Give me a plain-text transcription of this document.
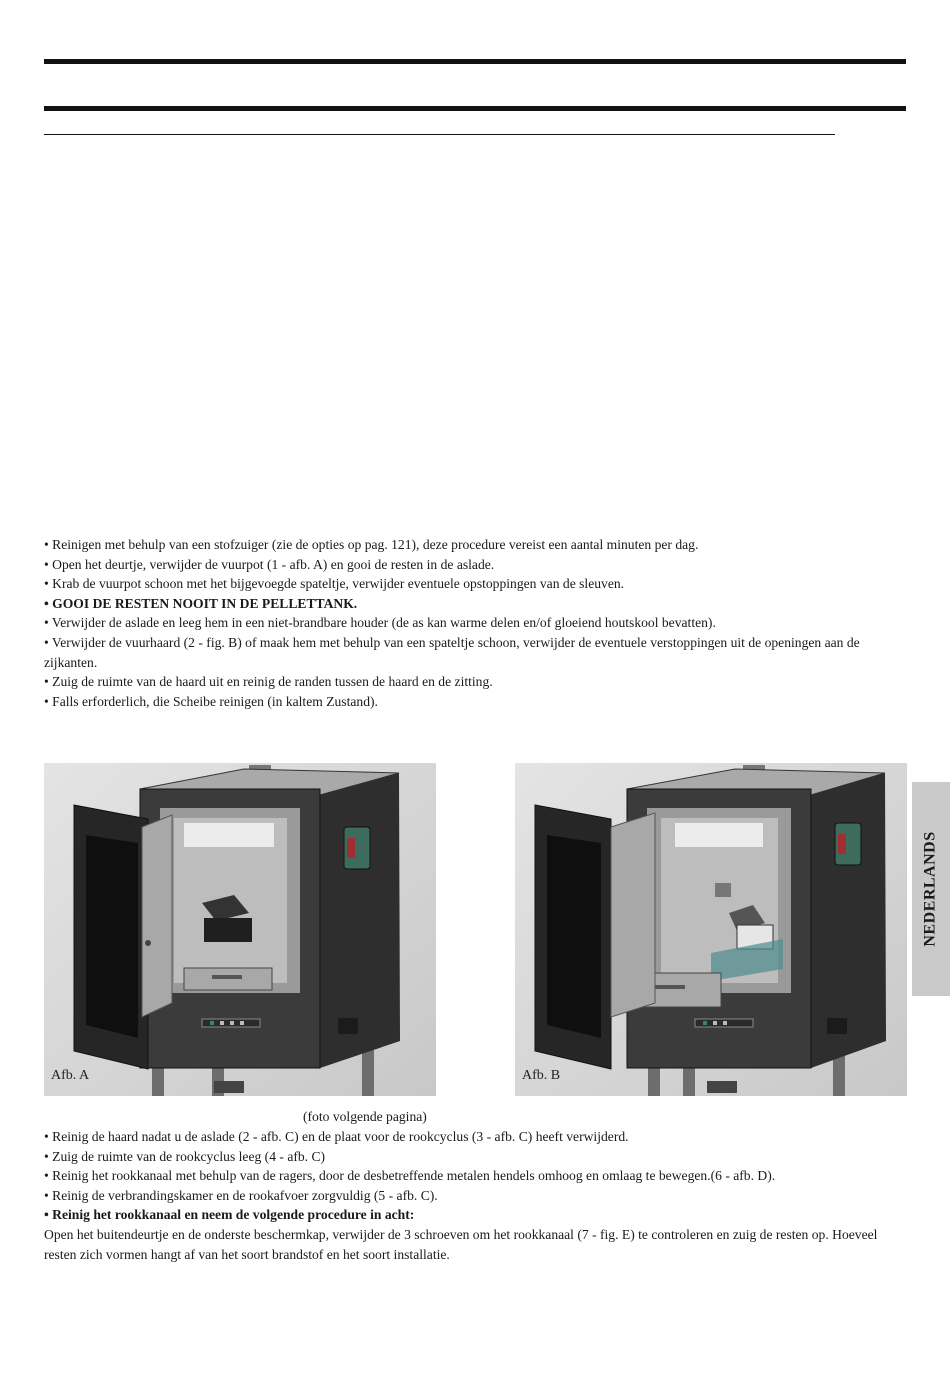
• Reinigen met behulp van een stofzuiger (zie de opties op pag. 121), deze procedure vereist een aantal minuten per dag.

• Open het deurtje, verwijder de vuurpot (1 - afb. A) en gooi de resten in de aslade.

• Krab de vuurpot schoon met het bijgevoegde spateltje, verwijder eventuele opstoppingen van de sleuven.

• GOOI DE RESTEN NOOIT IN DE PELLETTANK.

• Verwijder de aslade en leeg hem in een niet-brandbare houder (de as kan warme delen en/of gloeiend houtskool bevatten).

• Verwijder de vuurhaard (2 - fig. B) of maak hem met behulp van een spateltje schoon, verwijder de eventuele verstoppingen uit de openingen aan de zijkanten.

• Zuig de ruimte van de haard uit en reinig de randen tussen de haard en de zitting.

• Falls erforderlich, die Scheibe reinigen (in kaltem Zustand).

Afb. A	Afb. B
NEDERLANDS
(foto volgende pagina)

• Reinig de haard nadat u de aslade (2 - afb. C) en de plaat voor de rookcyclus (3 - afb. C) heeft verwijderd.

• Zuig de ruimte van de rookcyclus leeg (4 - afb. C)

• Reinig het rookkanaal met behulp van de ragers, door de desbetreffende metalen hendels omhoog en omlaag te bewegen.(6 - afb. D).

• Reinig de verbrandingskamer en de rookafvoer zorgvuldig (5 - afb. C).

• Reinig het rookkanaal en neem de volgende procedure in acht:

Open het buitendeurtje en de onderste beschermkap, verwijder de 3 schroeven om het rookkanaal (7 - fig. E) te controleren en zuig de resten op. Hoeveel resten zich vormen hangt af van het soort brandstof en het soort installatie.
